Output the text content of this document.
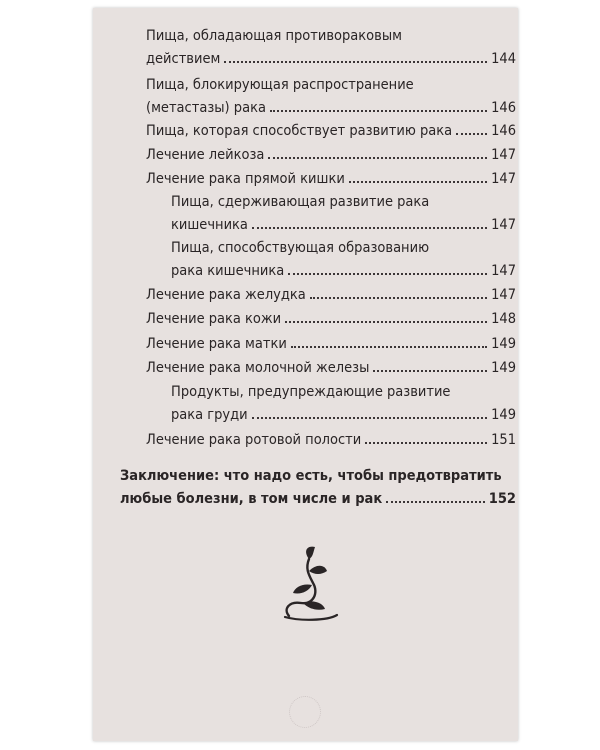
Пища, обладающая противораковым
действием	144
Пища, блокирующая распространение
(метастазы) рака	146
Пища, которая способствует развитию рака	146
Лечение лейкоза	147
Лечение рака прямой кишки	147
Пища, сдерживающая развитие рака
кишечника	147
Пища, способствующая образованию
рака кишечника	147
Лечение рака желудка	147
Лечение рака кожи	148
Лечение рака матки	149
Лечение рака молочной железы	149
Продукты, предупреждающие развитие
рака груди	149
Лечение рака ротовой полости	151
Заключение: что надо есть, чтобы предотвратить
любые болезни, в том числе и рак	152
